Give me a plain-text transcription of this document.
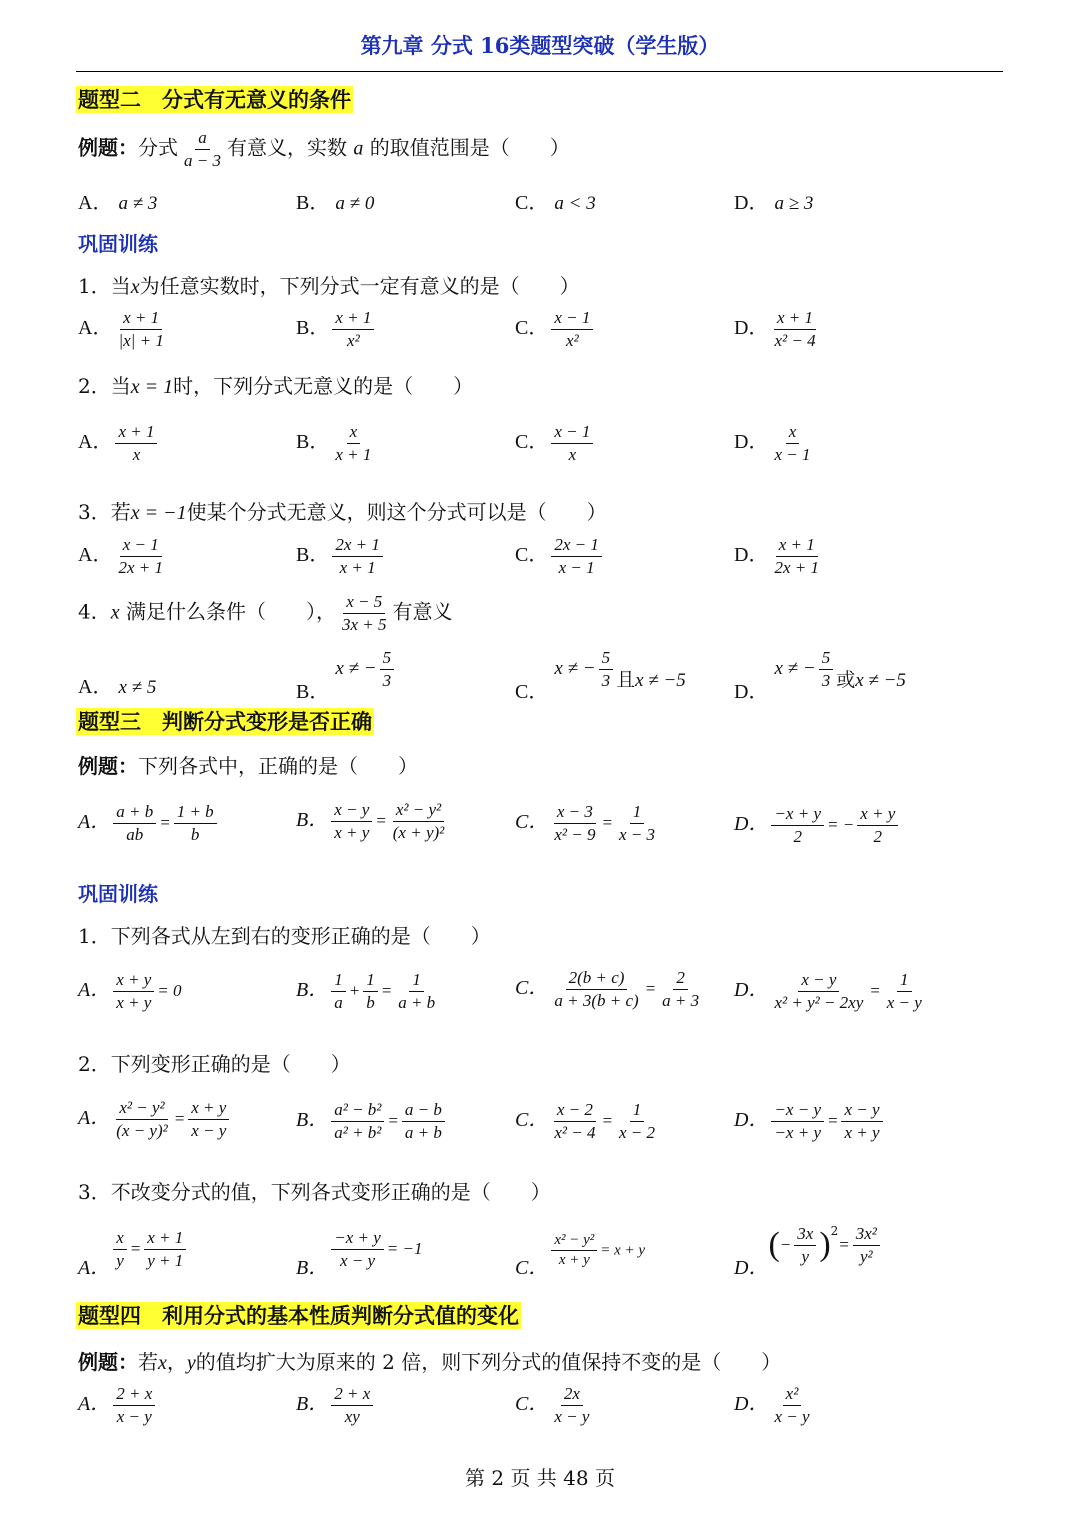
第九章 分式 16类题型突破（学生版）
题型二　分式有无意义的条件
例题：分式 $\frac{a}{a - 3}$ 有意义，实数 a 的取值范围是（　　）
A． a ≠ 3	B． a ≠ 0	C． a < 3	D． a ≥ 3
巩固训练
1．当x为任意实数时，下列分式一定有意义的是（　　）
A． $\frac{x + 1}{|x| + 1}$	B． $\frac{x + 1}{\text{x²}}$	C． $\frac{x - 1}{\text{x²}}$	D． $\frac{x + 1}{\text{x² − 4}}$
2．当x = 1时，下列分式无意义的是（　　）
A． $\frac{x + 1}{x}$	B． $\frac{x}{x + 1}$	C． $\frac{x - 1}{x}$	D． $\frac{x}{x - 1}$
3．若x = −1使某个分式无意义，则这个分式可以是（　　）
A． $\frac{x - 1}{2x + 1}$	B． $\frac{2x + 1}{x + 1}$	C． $\frac{2x - 1}{x - 1}$	D． $\frac{x + 1}{2x + 1}$
4．x 满足什么条件（　　）， $\frac{x - 5}{3x + 5}$ 有意义
A． x ≠ 5	B． x ≠ − $\frac{5}{3}$
C． x ≠ − $\frac{5}{3}$ 且x ≠ −5
D． x ≠ − $\frac{5}{3}$ 或x ≠ −5
题型三　判断分式变形是否正确
例题：下列各式中，正确的是（　　）
A． $\frac{a + b}{ab} = \frac{1 + b}{b}$	B． $\frac{x - y}{x + y} = \frac{\text{x² − y²}}{\text{(x + y)²}}$	C． $\frac{x - 3}{\text{x² − 9}} = \frac{1}{x - 3}$	D． $\frac{-x + y}{2}$ = − $\frac{x + y}{2}$
巩固训练
1．下列各式从左到右的变形正确的是（　　）
A． $\frac{x + y}{x + y} = 0$	B． $\frac{1}{a} + \frac{1}{b} = \frac{1}{a + b}$	C． $\frac{2(b + c)}{a + 3(b + c)} = \frac{2}{a + 3}$ D． $\frac{x - y}{\text{x² + y² − 2xy}} = \frac{1}{x - y}$
2．下列变形正确的是（　　）
A． $\frac{\text{x² − y²}}{\text{(x − y)²}} = \frac{x + y}{x - y}$	B． $\frac{\text{a² − b²}}{\text{a² + b²}} = \frac{a - b}{a + b}$	C． $\frac{x - 2}{\text{x² − 4}} = \frac{1}{x - 2}$	D． $\frac{-x - y}{-x + y} = \frac{x - y}{x + y}$
3．不改变分式的值，下列各式变形正确的是（　　）
A． $\frac{x}{y} = \frac{x + 1}{y + 1}$	B． $\frac{-x + y}{x - y} = -1$
C． $\frac{\text{x² − y²}}{x + y} = x + y$
D．(− $\frac{3x}{y} )^2= \frac{\text{3x²}}{\text{y²}}$
题型四　利用分式的基本性质判断分式值的变化
例题：若x，y的值均扩大为原来的 2 倍，则下列分式的值保持不变的是（　　）
A． $\frac{2 + x}{x - y}$	B． $\frac{2 + x}{xy}$	C． $\frac{2x}{x - y}$	D． $\frac{\text{x²}}{x - y}$
第 2 页 共 48 页
